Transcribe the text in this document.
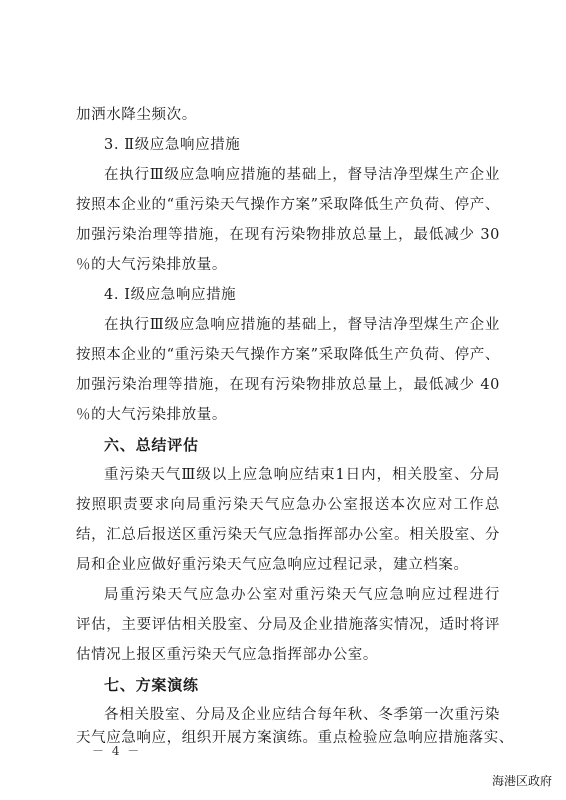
加洒水降尘频次。
3. Ⅱ级应急响应措施
在执行Ⅲ级应急响应措施的基础上，督导洁净型煤生产企业
按照本企业的“重污染天气操作方案”采取降低生产负荷、停产、
加强污染治理等措施，在现有污染物排放总量上，最低减少 30
％的大气污染排放量。
4. Ⅰ级应急响应措施
在执行Ⅲ级应急响应措施的基础上，督导洁净型煤生产企业
按照本企业的“重污染天气操作方案”采取降低生产负荷、停产、
加强污染治理等措施，在现有污染物排放总量上，最低减少 40
％的大气污染排放量。
六、总结评估
重污染天气Ⅲ级以上应急响应结束1日内，相关股室、分局
按照职责要求向局重污染天气应急办公室报送本次应对工作总
结，汇总后报送区重污染天气应急指挥部办公室。相关股室、分
局和企业应做好重污染天气应急响应过程记录，建立档案。
局重污染天气应急办公室对重污染天气应急响应过程进行
评估，主要评估相关股室、分局及企业措施落实情况，适时将评
估情况上报区重污染天气应急指挥部办公室。
七、方案演练
各相关股室、分局及企业应结合每年秋、冬季第一次重污染
天气应急响应，组织开展方案演练。重点检验应急响应措施落实、
－ 4 －
海港区政府
